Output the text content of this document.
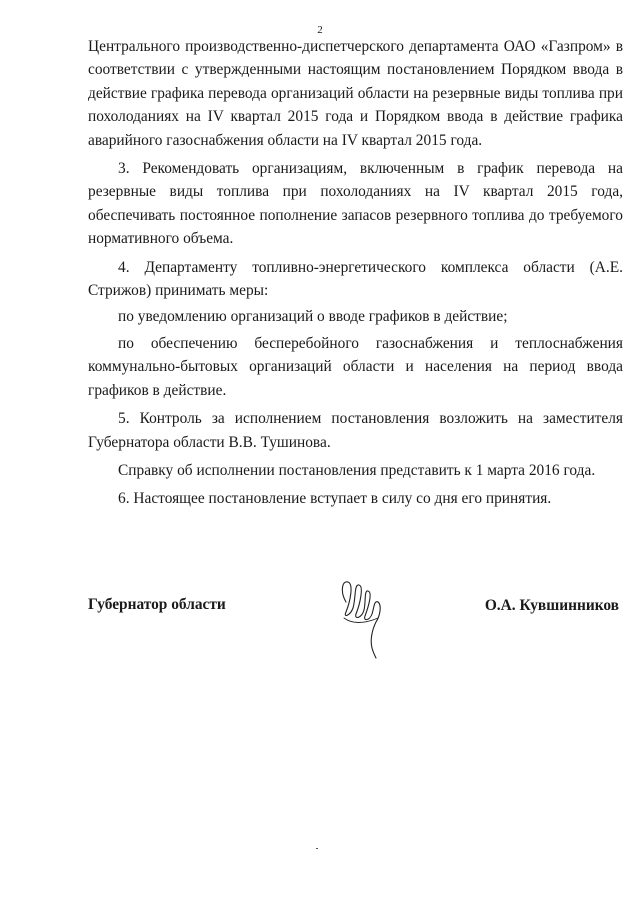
2

Центрального производственно-диспетчерского департамента ОАО «Газпром» в соответствии с утвержденными настоящим постановлением Порядком ввода в действие графика перевода организаций области на резервные виды топлива при похолоданиях на IV квартал 2015 года и Порядком ввода в действие графика аварийного газоснабжения области на IV квартал 2015 года.

3. Рекомендовать организациям, включенным в график перевода на резервные виды топлива при похолоданиях на IV квартал 2015 года, обеспечивать постоянное пополнение запасов резервного топлива до требуемого нормативного объема.

4. Департаменту топливно-энергетического комплекса области (А.Е. Стрижов) принимать меры:

по уведомлению организаций о вводе графиков в действие;

по обеспечению бесперебойного газоснабжения и теплоснабжения коммунально-бытовых организаций области и населения на период ввода графиков в действие.

5. Контроль за исполнением постановления возложить на заместителя Губернатора области В.В. Тушинова.

Справку об исполнении постановления представить к 1 марта 2016 года.

6. Настоящее постановление вступает в силу со дня его принятия.

Губернатор области	О.А. Кувшинников
